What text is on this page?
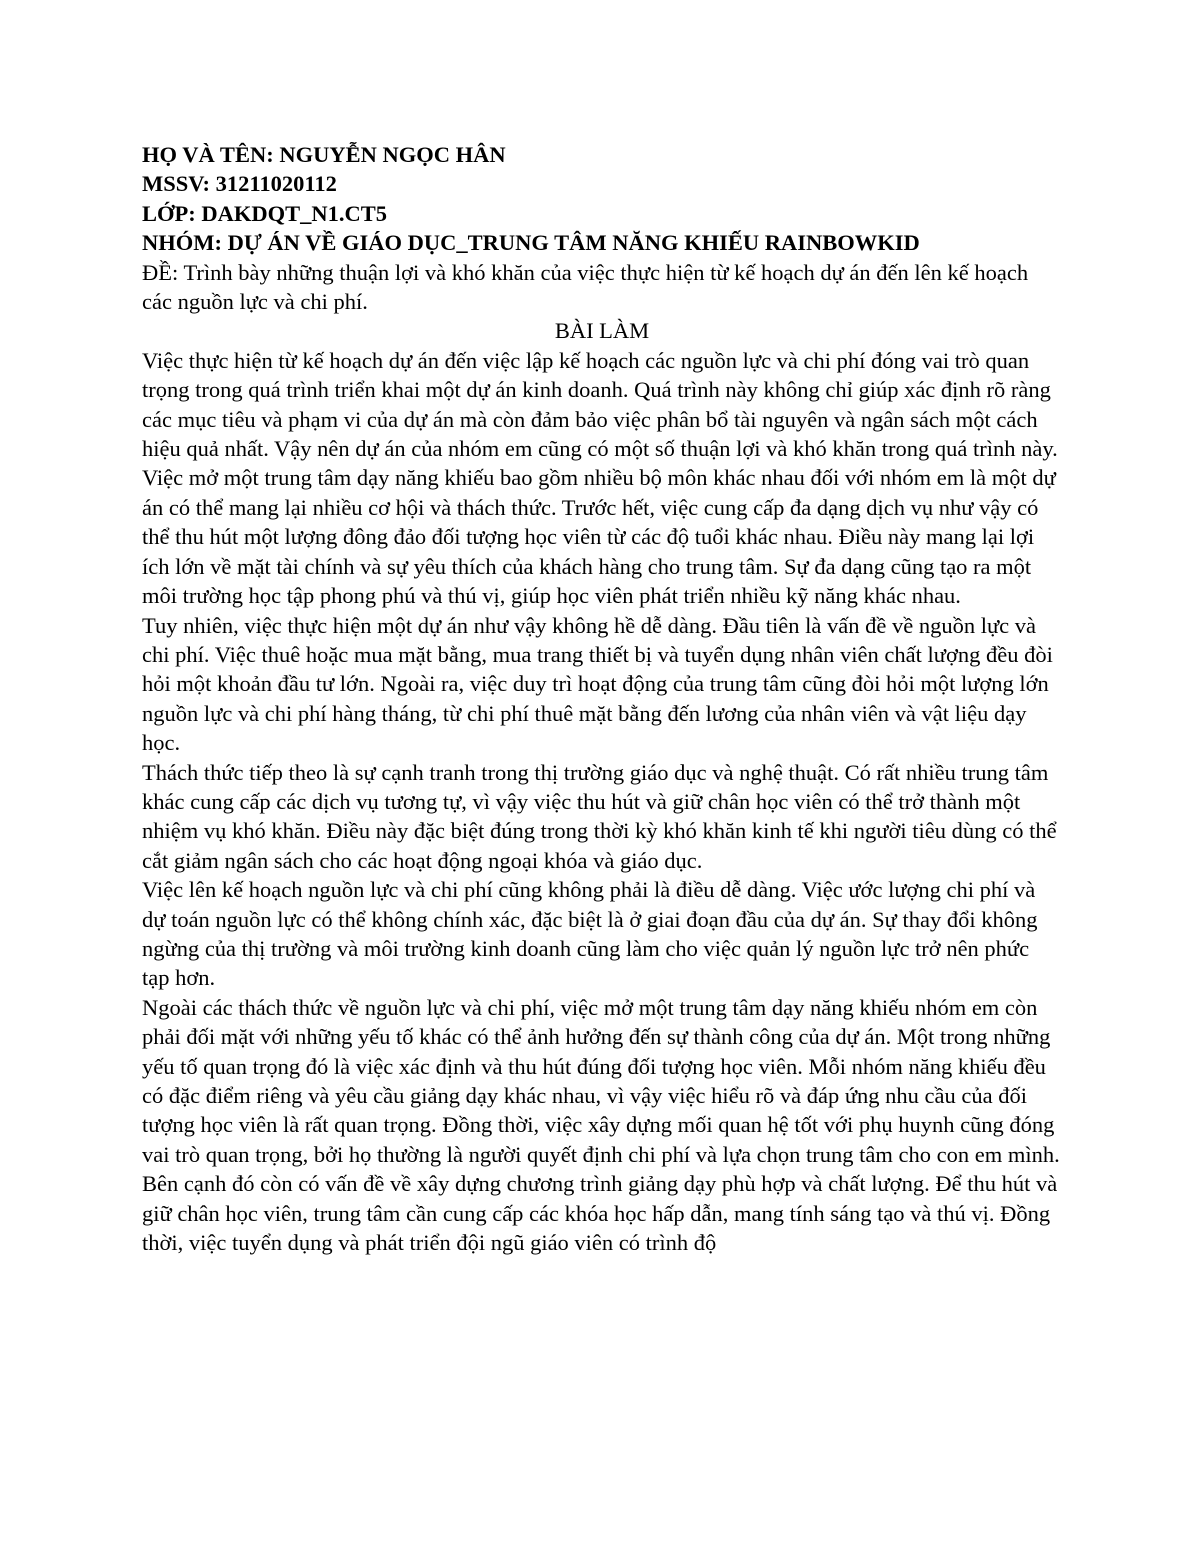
HỌ VÀ TÊN: NGUYỄN NGỌC HÂN
MSSV: 31211020112
LỚP: DAKDQT_N1.CT5
NHÓM: DỰ ÁN VỀ GIÁO DỤC_TRUNG TÂM NĂNG KHIẾU RAINBOWKID
ĐỀ: Trình bày những thuận lợi và khó khăn của việc thực hiện từ kế hoạch dự án đến lên kế hoạch các nguồn lực và chi phí.
BÀI LÀM

Việc thực hiện từ kế hoạch dự án đến việc lập kế hoạch các nguồn lực và chi phí đóng vai trò quan trọng trong quá trình triển khai một dự án kinh doanh. Quá trình này không chỉ giúp xác định rõ ràng các mục tiêu và phạm vi của dự án mà còn đảm bảo việc phân bổ tài nguyên và ngân sách một cách hiệu quả nhất. Vậy nên dự án của nhóm em cũng có một số thuận lợi và khó khăn trong quá trình này.

Việc mở một trung tâm dạy năng khiếu bao gồm nhiều bộ môn khác nhau đối với nhóm em là một dự án có thể mang lại nhiều cơ hội và thách thức. Trước hết, việc cung cấp đa dạng dịch vụ như vậy có thể thu hút một lượng đông đảo đối tượng học viên từ các độ tuổi khác nhau. Điều này mang lại lợi ích lớn về mặt tài chính và sự yêu thích của khách hàng cho trung tâm. Sự đa dạng cũng tạo ra một môi trường học tập phong phú và thú vị, giúp học viên phát triển nhiều kỹ năng khác nhau.

Tuy nhiên, việc thực hiện một dự án như vậy không hề dễ dàng. Đầu tiên là vấn đề về nguồn lực và chi phí. Việc thuê hoặc mua mặt bằng, mua trang thiết bị và tuyển dụng nhân viên chất lượng đều đòi hỏi một khoản đầu tư lớn. Ngoài ra, việc duy trì hoạt động của trung tâm cũng đòi hỏi một lượng lớn nguồn lực và chi phí hàng tháng, từ chi phí thuê mặt bằng đến lương của nhân viên và vật liệu dạy học.

Thách thức tiếp theo là sự cạnh tranh trong thị trường giáo dục và nghệ thuật. Có rất nhiều trung tâm khác cung cấp các dịch vụ tương tự, vì vậy việc thu hút và giữ chân học viên có thể trở thành một nhiệm vụ khó khăn. Điều này đặc biệt đúng trong thời kỳ khó khăn kinh tế khi người tiêu dùng có thể cắt giảm ngân sách cho các hoạt động ngoại khóa và giáo dục.

Việc lên kế hoạch nguồn lực và chi phí cũng không phải là điều dễ dàng. Việc ước lượng chi phí và dự toán nguồn lực có thể không chính xác, đặc biệt là ở giai đoạn đầu của dự án. Sự thay đổi không ngừng của thị trường và môi trường kinh doanh cũng làm cho việc quản lý nguồn lực trở nên phức tạp hơn.

Ngoài các thách thức về nguồn lực và chi phí, việc mở một trung tâm dạy năng khiếu nhóm em còn phải đối mặt với những yếu tố khác có thể ảnh hưởng đến sự thành công của dự án. Một trong những yếu tố quan trọng đó là việc xác định và thu hút đúng đối tượng học viên. Mỗi nhóm năng khiếu đều có đặc điểm riêng và yêu cầu giảng dạy khác nhau, vì vậy việc hiểu rõ và đáp ứng nhu cầu của đối tượng học viên là rất quan trọng. Đồng thời, việc xây dựng mối quan hệ tốt với phụ huynh cũng đóng vai trò quan trọng, bởi họ thường là người quyết định chi phí và lựa chọn trung tâm cho con em mình.

Bên cạnh đó còn có vấn đề về xây dựng chương trình giảng dạy phù hợp và chất lượng. Để thu hút và giữ chân học viên, trung tâm cần cung cấp các khóa học hấp dẫn, mang tính sáng tạo và thú vị. Đồng thời, việc tuyển dụng và phát triển đội ngũ giáo viên có trình độ
